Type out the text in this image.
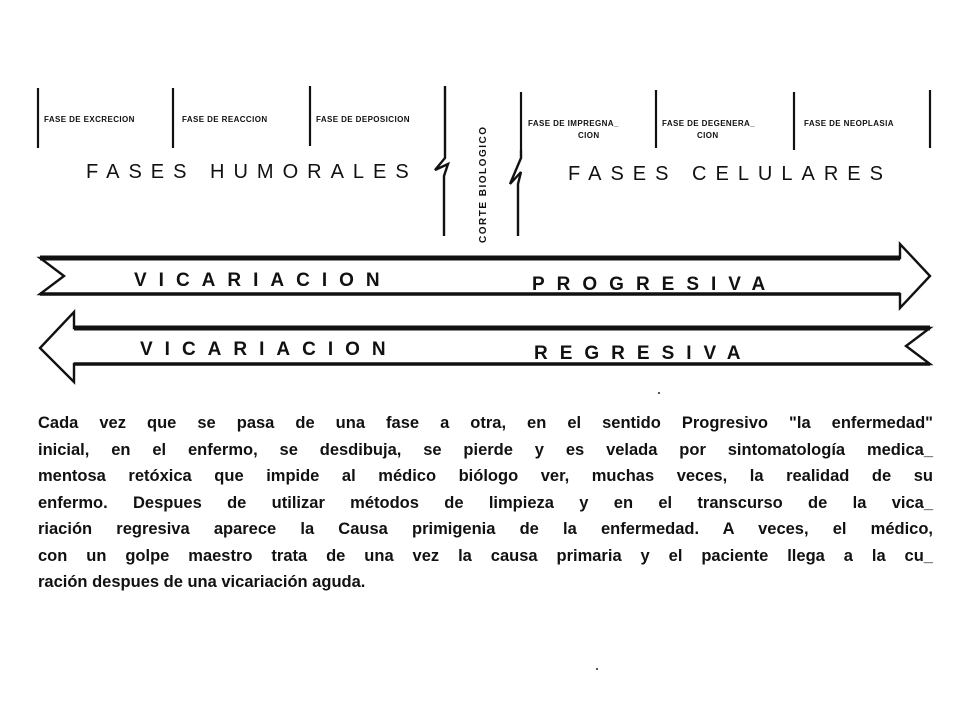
FASE DE EXCRECION	FASE DE REACCION	FASE DE DEPOSICION	FASE DE IMPREGNA_
CION
FASE DE DEGENERA_
CION
FASE DE NEOPLASIA
FASES HUMORALES	FASES CELULARES
CORTE BIOLOGICO
VICARIACION	PROGRESIVA
VICARIACION	REGRESIVA
Cada vez que se pasa de una fase a otra, en el sentido Progresivo "la enfermedad"
inicial, en el enfermo, se desdibuja, se pierde y es velada por sintomatología medica_
mentosa retóxica que impide al médico biólogo ver, muchas veces, la realidad de su
enfermo. Despues de utilizar métodos de limpieza y en el transcurso de la vica_
riación regresiva aparece la Causa primigenia de la enfermedad. A veces, el médico,
con un golpe maestro trata de una vez la causa primaria y el paciente llega a la cu_
ración despues de una vicariación aguda.
